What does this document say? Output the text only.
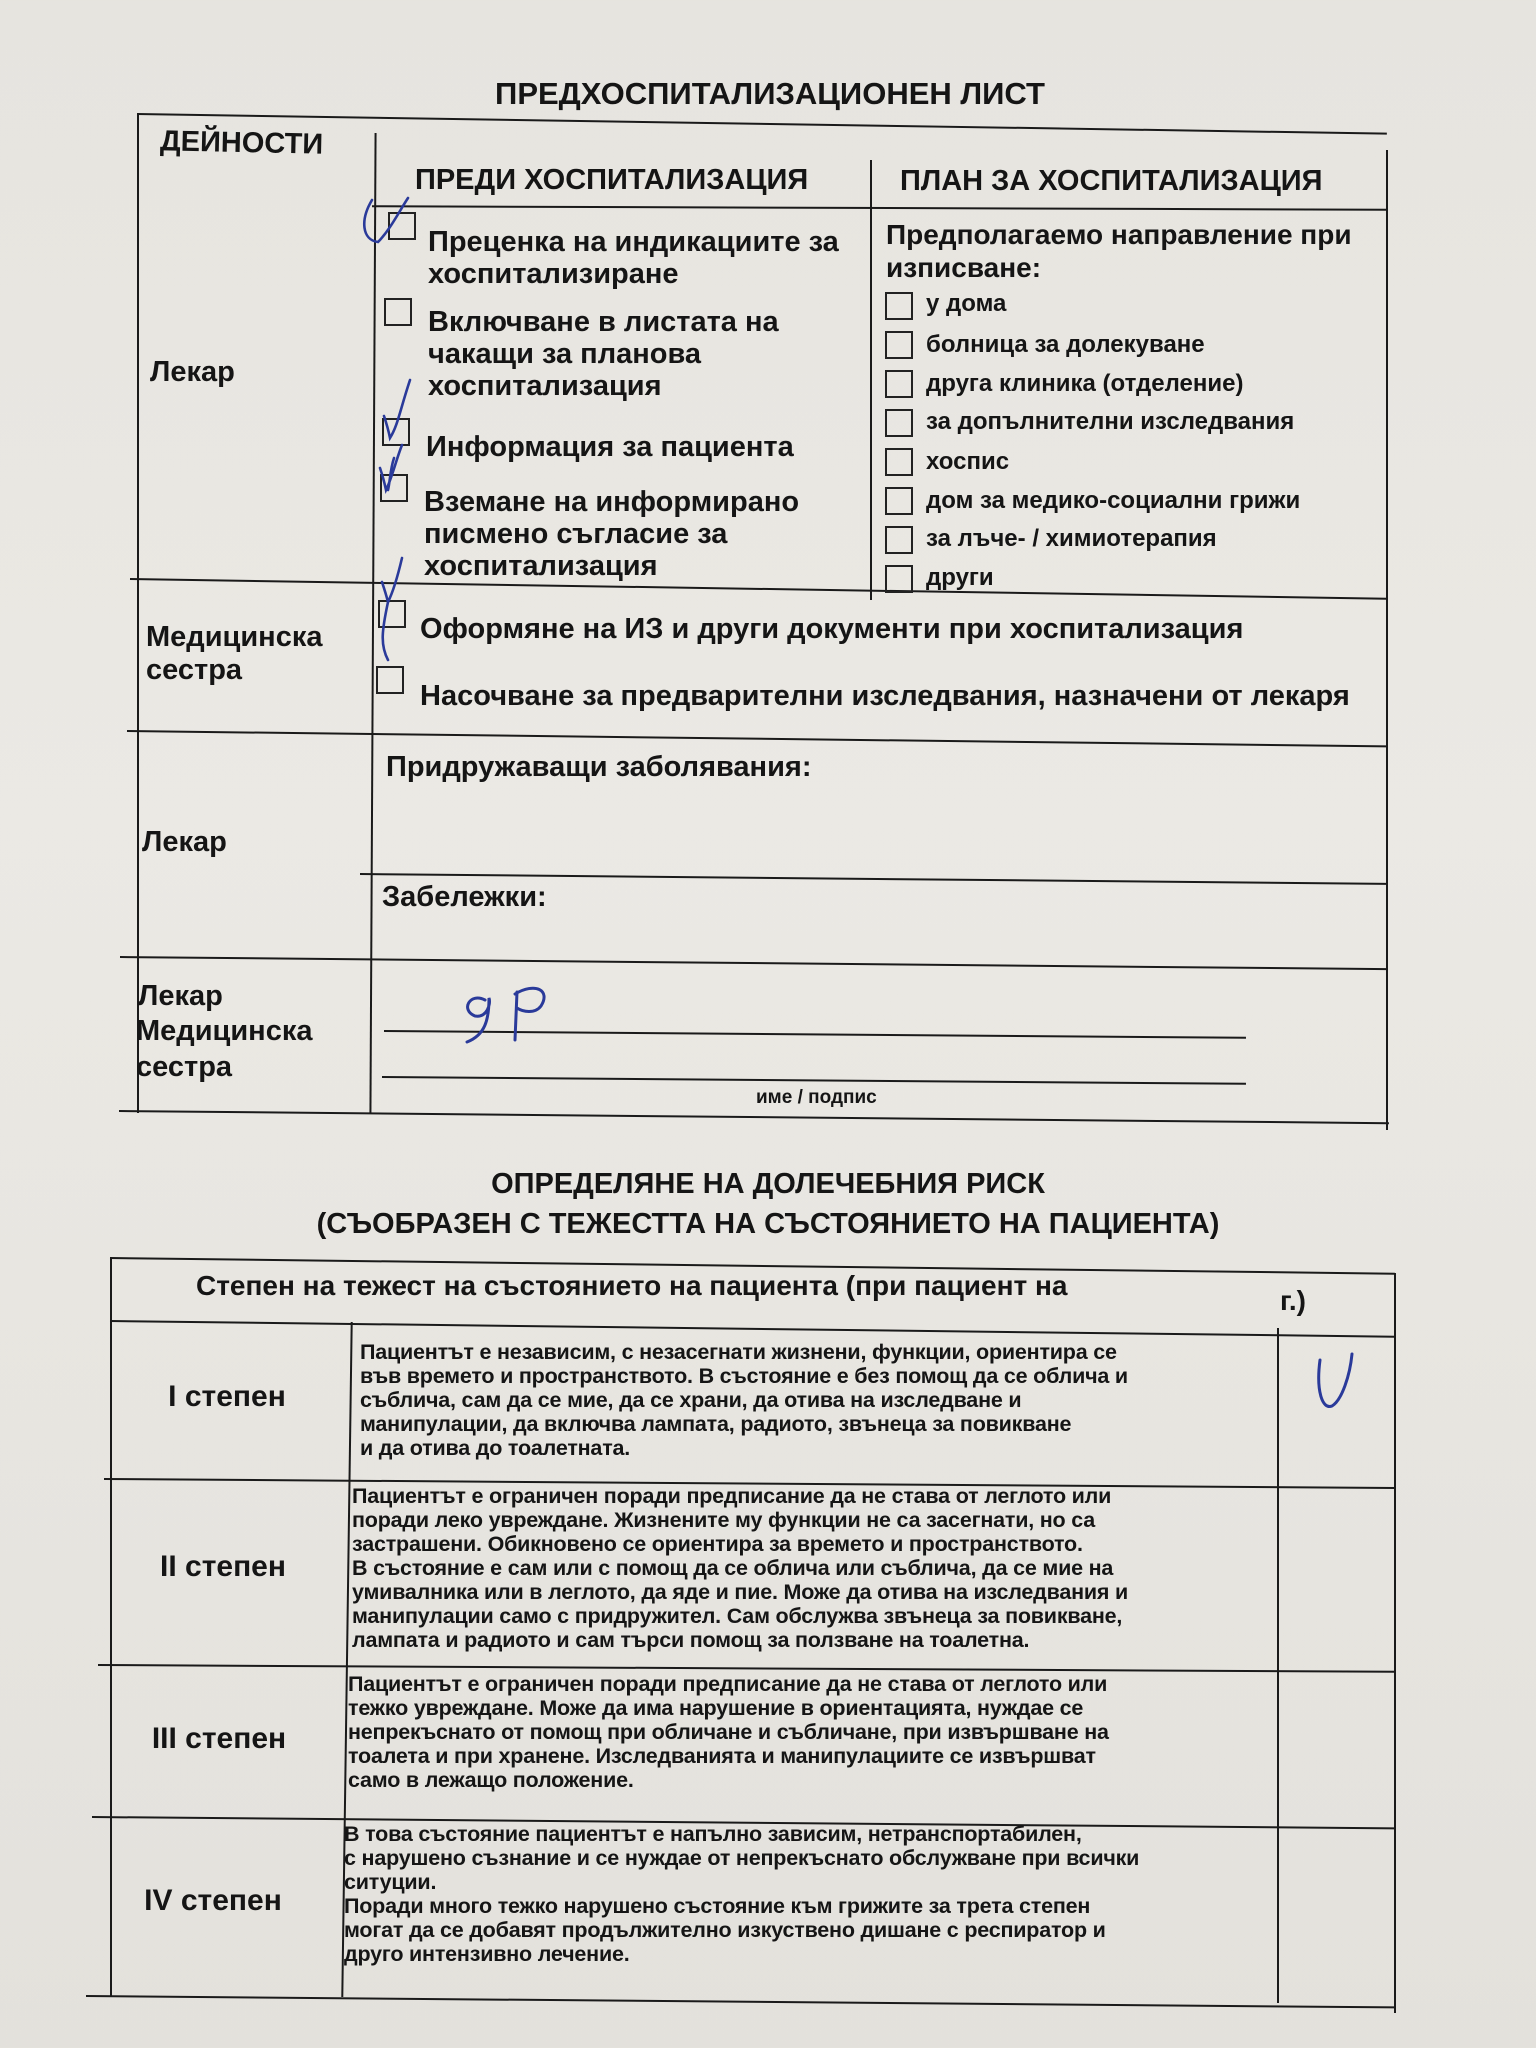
ПРЕДХОСПИТАЛИЗАЦИОНЕН ЛИСТ
ДЕЙНОСТИ
ПРЕДИ ХОСПИТАЛИЗАЦИЯ	ПЛАН ЗА ХОСПИТАЛИЗАЦИЯ
Лекар
Медицинска сестра
Лекар
Лекар
Медицинска
сестра
Преценка на индикациите за хоспитализиране
Включване в листата на чакащи за планова хоспитализация
Информация за пациента
Вземане на информирано писмено съгласие за хоспитализация
Предполагаемо направление при изписване:
у дома
болница за долекуване
друга клиника (отделение)
за допълнителни изследвания
хоспис
дом за медико-социални грижи
за лъче- / химиотерапия
други
Оформяне на ИЗ и други документи при хоспитализация
Насочване за предварителни изследвания, назначени от лекаря
Придружаващи заболявания:
Забележки:
име / подпис
ОПРЕДЕЛЯНЕ НА ДОЛЕЧЕБНИЯ РИСК
(СЪОБРАЗЕН С ТЕЖЕСТТА НА СЪСТОЯНИЕТО НА ПАЦИЕНТА)
Степен на тежест на състоянието на пациента (при пациент на	г.)
I степен
Пациентът е независим, с незасегнати жизнени, функции, ориентира се
във времето и пространството. В състояние е без помощ да се облича и
съблича, сам да се мие, да се храни, да отива на изследване и
манипулации, да включва лампата, радиото, звънеца за повикване
и да отива до тоалетната.
II степен
Пациентът е ограничен поради предписание да не става от леглото или
поради леко увреждане. Жизнените му функции не са засегнати, но са
застрашени. Обикновено се ориентира за времето и пространството.
В състояние е сам или с помощ да се облича или съблича, да се мие на
умивалника или в леглото, да яде и пие. Може да отива на изследвания и
манипулации само с придружител. Сам обслужва звънеца за повикване,
лампата и радиото и сам търси помощ за ползване на тоалетна.
III степен
Пациентът е ограничен поради предписание да не става от леглото или
тежко увреждане. Може да има нарушение в ориентацията, нуждае се
непрекъснато от помощ при обличане и събличане, при извършване на
тоалета и при хранене. Изследванията и манипулациите се извършват
само в лежащо положение.
IV степен
В това състояние пациентът е напълно зависим, нетранспортабилен,
с нарушено съзнание и се нуждае от непрекъснато обслужване при всички
ситуции.
Поради много тежко нарушено състояние към грижите за трета степен
могат да се добавят продължително изкуствено дишане с респиратор и
друго интензивно лечение.
